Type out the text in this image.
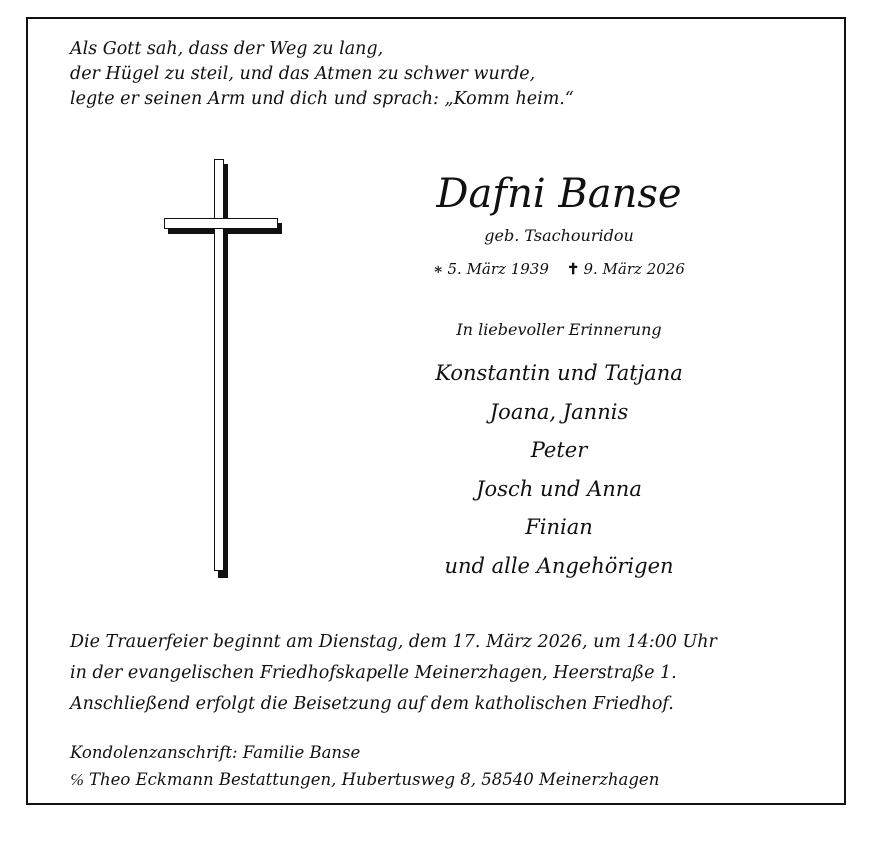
Als Gott sah, dass der Weg zu lang,
der Hügel zu steil, und das Atmen zu schwer wurde,
legte er seinen Arm und dich und sprach: „Komm heim.“
Dafni Banse
geb. Tsachouridou
∗ 5. März 1939 ✝ 9. März 2026
In liebevoller Erinnerung
Konstantin und Tatjana
Joana, Jannis
Peter
Josch und Anna
Finian
und alle Angehörigen
Die Trauerfeier beginnt am Dienstag, dem 17. März 2026, um 14:00 Uhr
in der evangelischen Friedhofskapelle Meinerzhagen, Heerstraße 1.
Anschließend erfolgt die Beisetzung auf dem katholischen Friedhof.
Kondolenzanschrift: Familie Banse
℅ Theo Eckmann Bestattungen, Hubertusweg 8, 58540 Meinerzhagen
